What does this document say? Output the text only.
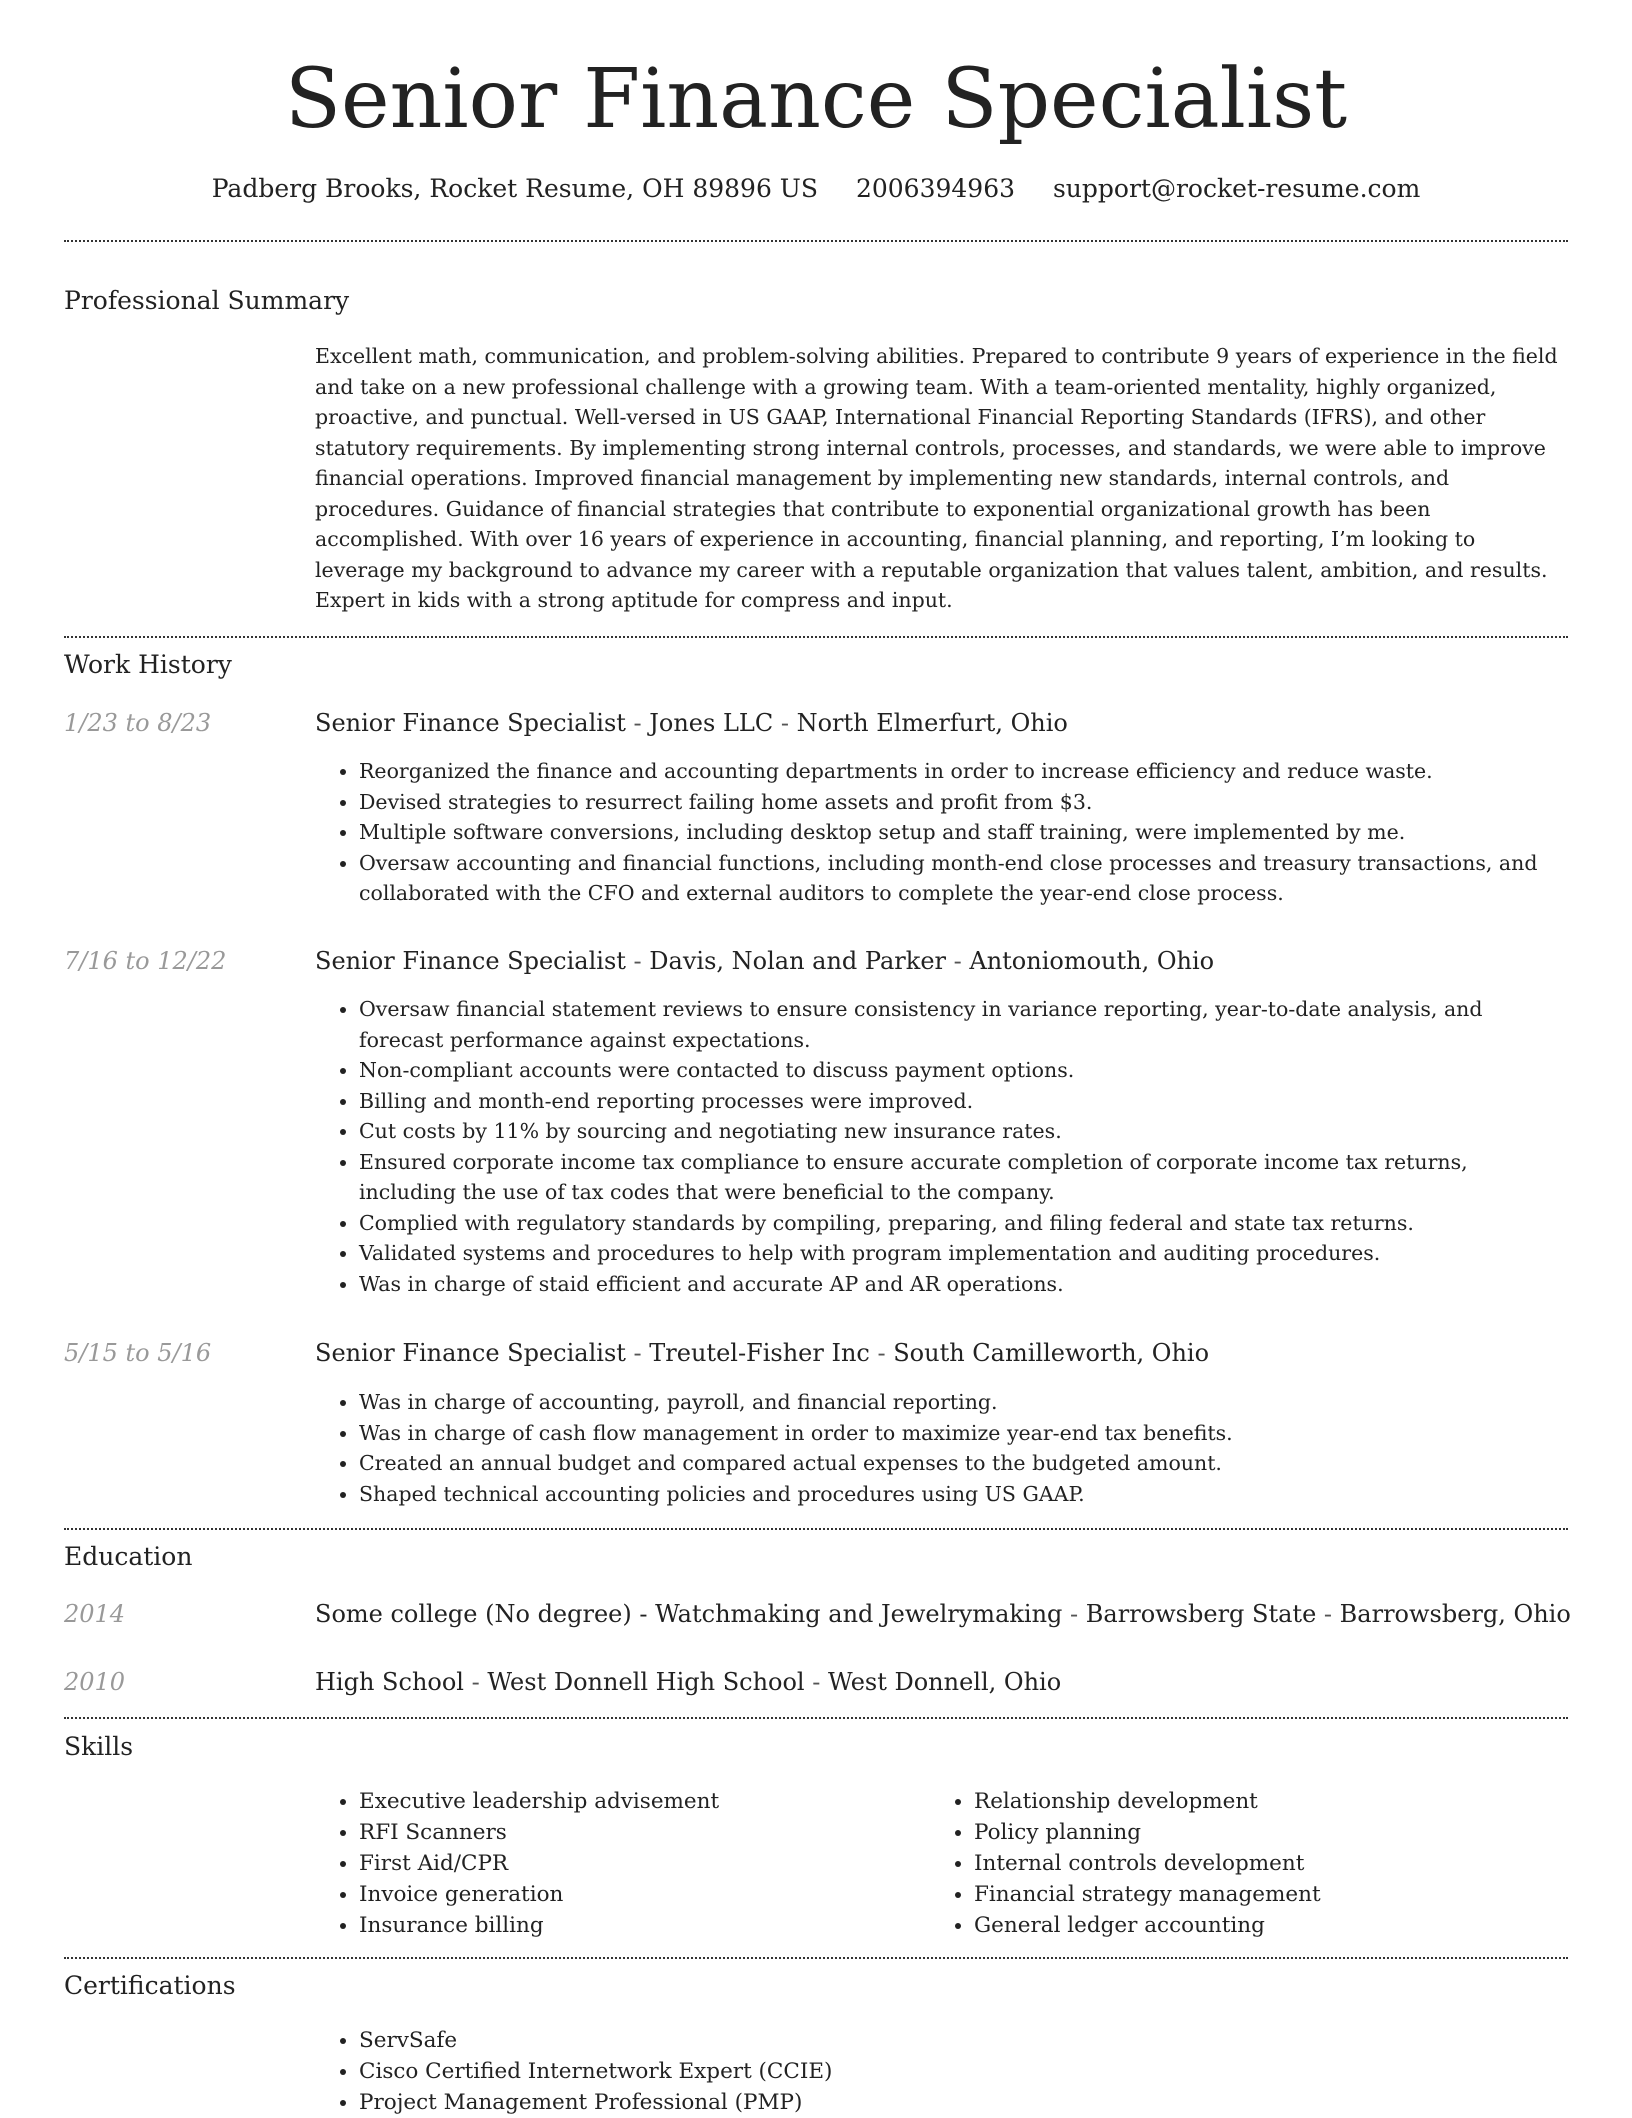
Senior Finance Specialist
Padberg Brooks, Rocket Resume, OH 89896 US 2006394963 support@rocket-resume.com
Professional Summary

Excellent math, communication, and problem-solving abilities. Prepared to contribute 9 years of experience in the field and take on a new professional challenge with a growing team. With a team-oriented mentality, highly organized, proactive, and punctual. Well-versed in US GAAP, International Financial Reporting Standards (IFRS), and other statutory requirements. By implementing strong internal controls, processes, and standards, we were able to improve financial operations. Improved financial management by implementing new standards, internal controls, and procedures. Guidance of financial strategies that contribute to exponential organizational growth has been accomplished. With over 16 years of experience in accounting, financial planning, and reporting, I’m looking to leverage my background to advance my career with a reputable organization that values talent, ambition, and results. Expert in kids with a strong aptitude for compress and input.

Work History
1/23 to 8/23	Senior Finance Specialist - Jones LLC - North Elmerfurt, Ohio
• Reorganized the finance and accounting departments in order to increase efficiency and reduce waste.
• Devised strategies to resurrect failing home assets and profit from $3.
• Multiple software conversions, including desktop setup and staff training, were implemented by me.
• Oversaw accounting and financial functions, including month-end close processes and treasury transactions, and collaborated with the CFO and external auditors to complete the year-end close process.
7/16 to 12/22	Senior Finance Specialist - Davis, Nolan and Parker - Antoniomouth, Ohio
• Oversaw financial statement reviews to ensure consistency in variance reporting, year-to-date analysis, and forecast performance against expectations.
• Non-compliant accounts were contacted to discuss payment options.
• Billing and month-end reporting processes were improved.
• Cut costs by 11% by sourcing and negotiating new insurance rates.
• Ensured corporate income tax compliance to ensure accurate completion of corporate income tax returns, including the use of tax codes that were beneficial to the company.
• Complied with regulatory standards by compiling, preparing, and filing federal and state tax returns.
• Validated systems and procedures to help with program implementation and auditing procedures.
• Was in charge of staid efficient and accurate AP and AR operations.
5/15 to 5/16	Senior Finance Specialist - Treutel-Fisher Inc - South Camilleworth, Ohio
• Was in charge of accounting, payroll, and financial reporting.
• Was in charge of cash flow management in order to maximize year-end tax benefits.
• Created an annual budget and compared actual expenses to the budgeted amount.
• Shaped technical accounting policies and procedures using US GAAP.
Education
2014	Some college (No degree) - Watchmaking and Jewelrymaking - Barrowsberg State - Barrowsberg, Ohio
2010	High School - West Donnell High School - West Donnell, Ohio
Skills
• Executive leadership advisement
• RFI Scanners
• First Aid/CPR
• Invoice generation
• Insurance billing
• Relationship development
• Policy planning
• Internal controls development
• Financial strategy management
• General ledger accounting
Certifications
• ServSafe
• Cisco Certified Internetwork Expert (CCIE)
• Project Management Professional (PMP)
